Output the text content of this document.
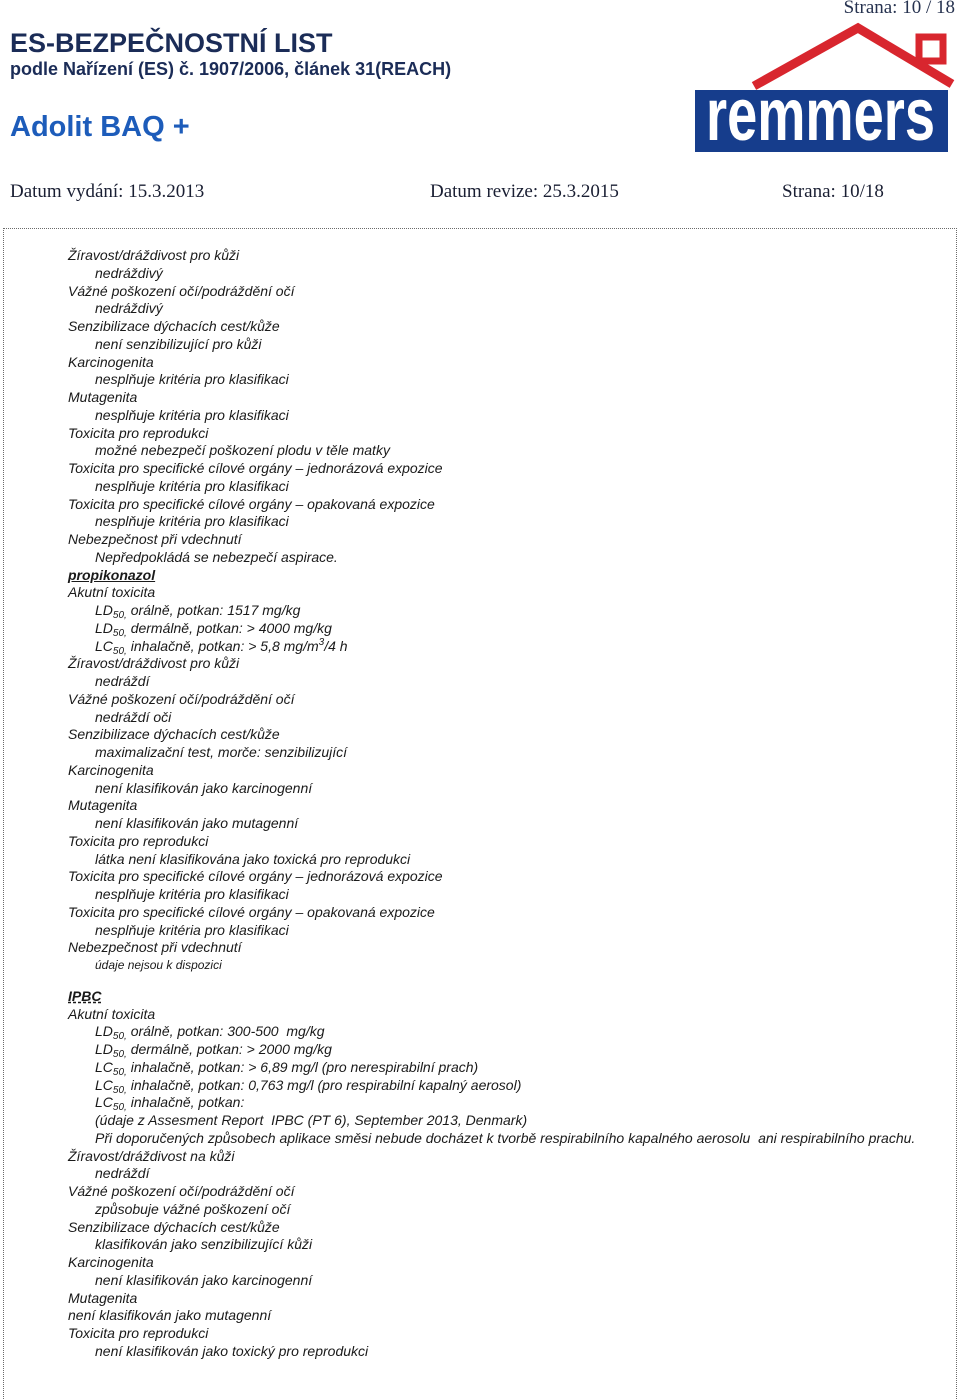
Strana: 10 / 18
ES-BEZPEČNOSTNÍ LIST
podle Nařízení (ES) č. 1907/2006, článek 31(REACH)
Adolit BAQ +	remmers
Datum vydání: 15.3.2013	Datum revize: 25.3.2015	Strana: 10/18
Žíravost/dráždivost pro kůži
nedráždivý
Vážné poškození očí/podráždění očí
nedráždivý
Senzibilizace dýchacích cest/kůže
není senzibilizující pro kůži
Karcinogenita
nesplňuje kritéria pro klasifikaci
Mutagenita
nesplňuje kritéria pro klasifikaci
Toxicita pro reprodukci
možné nebezpečí poškození plodu v těle matky
Toxicita pro specifické cílové orgány – jednorázová expozice
nesplňuje kritéria pro klasifikaci
Toxicita pro specifické cílové orgány – opakovaná expozice
nesplňuje kritéria pro klasifikaci
Nebezpečnost při vdechnutí
Nepředpokládá se nebezpečí aspirace.
propikonazol
Akutní toxicita
$LD_{50,}$ orálně, potkan: 1517 mg/kg
$LD_{50,}$ dermálně, potkan: > 4000 mg/kg
$LC_{50,}$ inhalačně, potkan: > 5,8 $mg/m^3/4$ h
Žíravost/dráždivost pro kůži
nedráždí
Vážné poškození očí/podráždění očí
nedráždí oči
Senzibilizace dýchacích cest/kůže
maximalizační test, morče: senzibilizující
Karcinogenita
není klasifikován jako karcinogenní
Mutagenita
není klasifikován jako mutagenní
Toxicita pro reprodukci
látka není klasifikována jako toxická pro reprodukci
Toxicita pro specifické cílové orgány – jednorázová expozice
nesplňuje kritéria pro klasifikaci
Toxicita pro specifické cílové orgány – opakovaná expozice
nesplňuje kritéria pro klasifikaci
Nebezpečnost při vdechnutí
údaje nejsou k dispozici
IPBC
Akutní toxicita
$LD_{50,}$ orálně, potkan: 300-500  mg/kg
$LD_{50,}$ dermálně, potkan: > 2000 mg/kg
$LC_{50,}$ inhalačně, potkan: > 6,89 mg/l (pro nerespirabilní prach)
$LC_{50,}$ inhalačně, potkan: 0,763 mg/l (pro respirabilní kapalný aerosol)
$LC_{50,}$ inhalačně, potkan:
(údaje z Assesment Report  IPBC (PT 6), September 2013, Denmark)
Při doporučených způsobech aplikace směsi nebude docházet k tvorbě respirabilního kapalného aerosolu  ani respirabilního prachu.
Žíravost/dráždivost na kůži
nedráždí
Vážné poškození očí/podráždění očí
způsobuje vážné poškození očí
Senzibilizace dýchacích cest/kůže
klasifikován jako senzibilizující kůži
Karcinogenita
není klasifikován jako karcinogenní
Mutagenita
není klasifikován jako mutagenní
Toxicita pro reprodukci
není klasifikován jako toxický pro reprodukci
